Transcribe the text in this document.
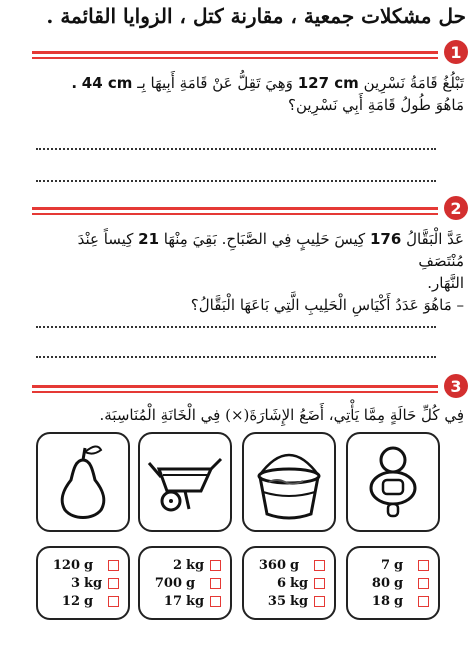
حل مشكلات جمعية ، مقارنة كتل ، الزوايا القائمة .
1
تَبْلُغُ قَامَةُ نَسْرِين 127 cm وَهِيَ تَقِلُّ عَنْ قَامَةِ أَبِيهَا بِـ 44 cm .
مَاهُوَ طُولُ قَامَةِ أَبِي نَسْرِين؟
2
عَدَّ الْبَقَّالُ 176 كِيسَ حَلِيبٍ فِي الصَّبَاحِ. بَقِيَ مِنْهَا 21 كِيساً عِنْدَ مُنْتَصَفِ
النَّهَار.
– مَاهُوَ عَدَدُ أَكْيَاسِ الْحَلِيبِ الَّتِي بَاعَهَا الْبَقَّالُ؟
3
فِي كُلِّ حَالَةٍ مِمَّا يَأْتِي، أَضَعُ الإِشَارَةَ(×) فِي الْخَانَةِ الْمُنَاسِبَة.
7 g
80 g
18 g
360 g
6 kg
35 kg
2 kg
700 g
17 kg
120 g
3 kg
12 g
